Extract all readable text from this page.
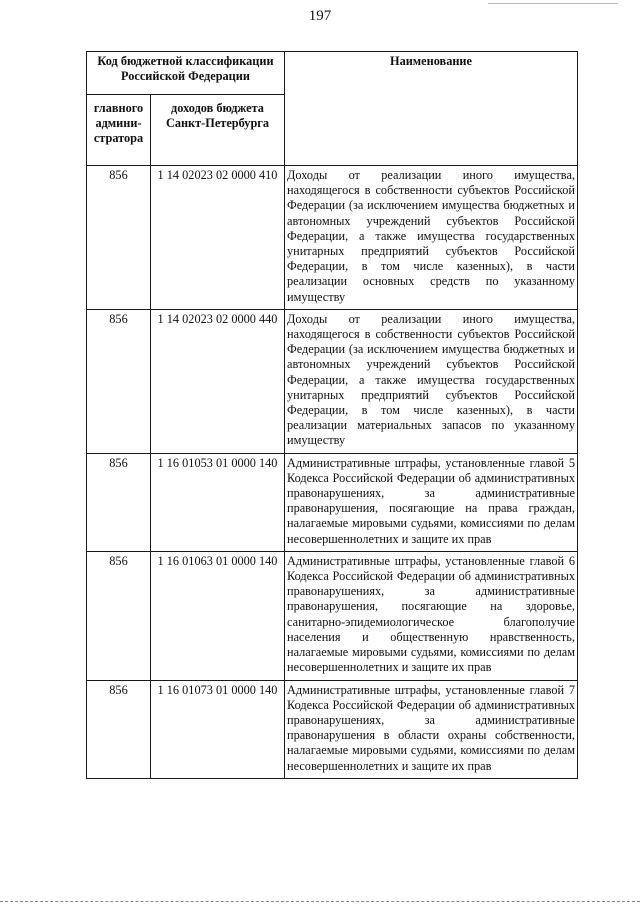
197
Код бюджетной классификации Российской Федерации		Наименование
главного админи-стратора	доходов бюджета Санкт-Петербурга	
856	1 14 02023 02 0000 410	Доходы от реализации иного имущества, находящегося в собственности субъектов Российской Федерации (за исключением имущества бюджетных и автономных учреждений субъектов Российской Федерации, а также имущества государственных унитарных предприятий субъектов Российской Федерации, в том числе казенных), в части реализации основных средств по указанному имуществу
856	1 14 02023 02 0000 440	Доходы от реализации иного имущества, находящегося в собственности субъектов Российской Федерации (за исключением имущества бюджетных и автономных учреждений субъектов Российской Федерации, а также имущества государственных унитарных предприятий субъектов Российской Федерации, в том числе казенных), в части реализации материальных запасов по указанному имуществу
856	1 16 01053 01 0000 140	Административные штрафы, установленные главой 5 Кодекса Российской Федерации об административных правонарушениях, за административные правонарушения, посягающие на права граждан, налагаемые мировыми судьями, комиссиями по делам несовершеннолетних и защите их прав
856	1 16 01063 01 0000 140	Административные штрафы, установленные главой 6 Кодекса Российской Федерации об административных правонарушениях, за административные правонарушения, посягающие на здоровье, санитарно-эпидемиологическое благополучие населения и общественную нравственность, налагаемые мировыми судьями, комиссиями по делам несовершеннолетних и защите их прав
856	1 16 01073 01 0000 140	Административные штрафы, установленные главой 7 Кодекса Российской Федерации об административных правонарушениях, за административные правонарушения в области охраны собственности, налагаемые мировыми судьями, комиссиями по делам несовершеннолетних и защите их прав
